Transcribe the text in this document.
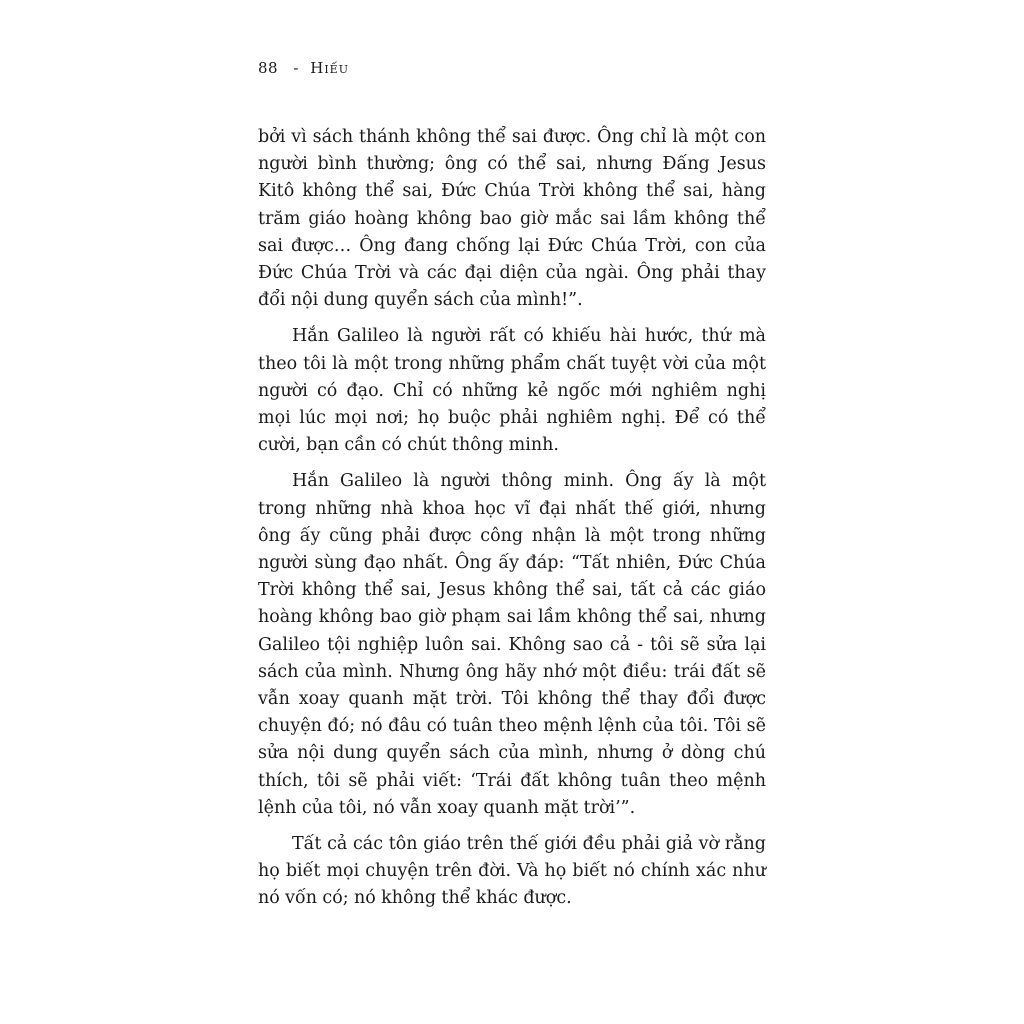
88 - Hiếu

bởi vì sách thánh không thể sai được. Ông chỉ là một con người bình thường; ông có thể sai, nhưng Đấng Jesus Kitô không thể sai, Đức Chúa Trời không thể sai, hàng trăm giáo hoàng không bao giờ mắc sai lầm không thể sai được… Ông đang chống lại Đức Chúa Trời, con của Đức Chúa Trời và các đại diện của ngài. Ông phải thay đổi nội dung quyển sách của mình!”.

Hắn Galileo là người rất có khiếu hài hước, thứ mà theo tôi là một trong những phẩm chất tuyệt vời của một người có đạo. Chỉ có những kẻ ngốc mới nghiêm nghị mọi lúc mọi nơi; họ buộc phải nghiêm nghị. Để có thể cười, bạn cần có chút thông minh.

Hắn Galileo là người thông minh. Ông ấy là một trong những nhà khoa học vĩ đại nhất thế giới, nhưng ông ấy cũng phải được công nhận là một trong những người sùng đạo nhất. Ông ấy đáp: “Tất nhiên, Đức Chúa Trời không thể sai, Jesus không thể sai, tất cả các giáo hoàng không bao giờ phạm sai lầm không thể sai, nhưng Galileo tội nghiệp luôn sai. Không sao cả - tôi sẽ sửa lại sách của mình. Nhưng ông hãy nhớ một điều: trái đất sẽ vẫn xoay quanh mặt trời. Tôi không thể thay đổi được chuyện đó; nó đâu có tuân theo mệnh lệnh của tôi. Tôi sẽ sửa nội dung quyển sách của mình, nhưng ở dòng chú thích, tôi sẽ phải viết: ‘Trái đất không tuân theo mệnh lệnh của tôi, nó vẫn xoay quanh mặt trời’”.

Tất cả các tôn giáo trên thế giới đều phải giả vờ rằng họ biết mọi chuyện trên đời. Và họ biết nó chính xác như nó vốn có; nó không thể khác được.
